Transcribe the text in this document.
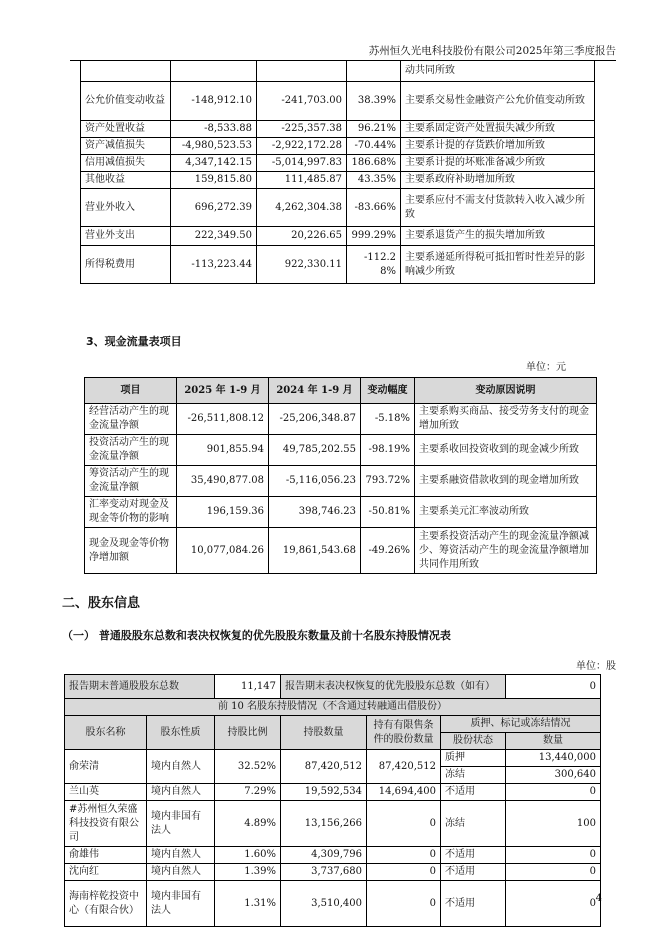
苏州恒久光电科技股份有限公司2025年第三季度报告
				动共同所致
公允价值变动收益	-148,912.10	-241,703.00	38.39%	主要系交易性金融资产公允价值变动所致
资产处置收益	-8,533.88	-225,357.38	96.21%	主要系固定资产处置损失减少所致
资产减值损失	-4,980,523.53	-2,922,172.28	-70.44%	主要系计提的存货跌价增加所致
信用减值损失	4,347,142.15	-5,014,997.83	186.68%	主要系计提的坏账准备减少所致
其他收益	159,815.80	111,485.87	43.35%	主要系政府补助增加所致
营业外收入	696,272.39	4,262,304.38	-83.66%	主要系应付不需支付货款转入收入减少所致
营业外支出	222,349.50	20,226.65	999.29%	主要系退货产生的损失增加所致
所得税费用	-113,223.44	922,330.11	-112.28%	主要系递延所得税可抵扣暂时性差异的影响减少所致
3、现金流量表项目
单位：元
项目	2025 年 1-9 月	2024 年 1-9 月	变动幅度	变动原因说明
经营活动产生的现金流量净额	-26,511,808.12	-25,206,348.87	-5.18%	主要系购买商品、接受劳务支付的现金增加所致
投资活动产生的现金流量净额	901,855.94	49,785,202.55	-98.19%	主要系收回投资收到的现金减少所致
筹资活动产生的现金流量净额	35,490,877.08	-5,116,056.23	793.72%	主要系融资借款收到的现金增加所致
汇率变动对现金及现金等价物的影响	196,159.36	398,746.23	-50.81%	主要系美元汇率波动所致
现金及现金等价物净增加额	10,077,084.26	19,861,543.68	-49.26%	主要系投资活动产生的现金流量净额减少、筹资活动产生的现金流量净额增加共同作用所致
二、股东信息
（一） 普通股股东总数和表决权恢复的优先股股东数量及前十名股东持股情况表
单位：股
报告期末普通股股东总数		11,147	报告期末表决权恢复的优先股股东总数（如有）			0
前 10 名股东持股情况（不含通过转融通出借股份）						
股东名称	股东性质	持股比例	持股数量	持有有限售条件的股份数量	质押、标记或冻结情况	
					股份状态	数量
俞荣清	境内自然人	32.52%	87,420,512	87,420,512	质押	13,440,000
					冻结	300,640
兰山英	境内自然人	7.29%	19,592,534	14,694,400	不适用	0
#苏州恒久荣盛科技投资有限公司	境内非国有法人	4.89%	13,156,266	0	冻结	100
俞雄伟	境内自然人	1.60%	4,309,796	0	不适用	0
沈向红	境内自然人	1.39%	3,737,680	0	不适用	0
海南梓乾投资中心（有限合伙）	境内非国有法人	1.31%	3,510,400	0	不适用	0 4
